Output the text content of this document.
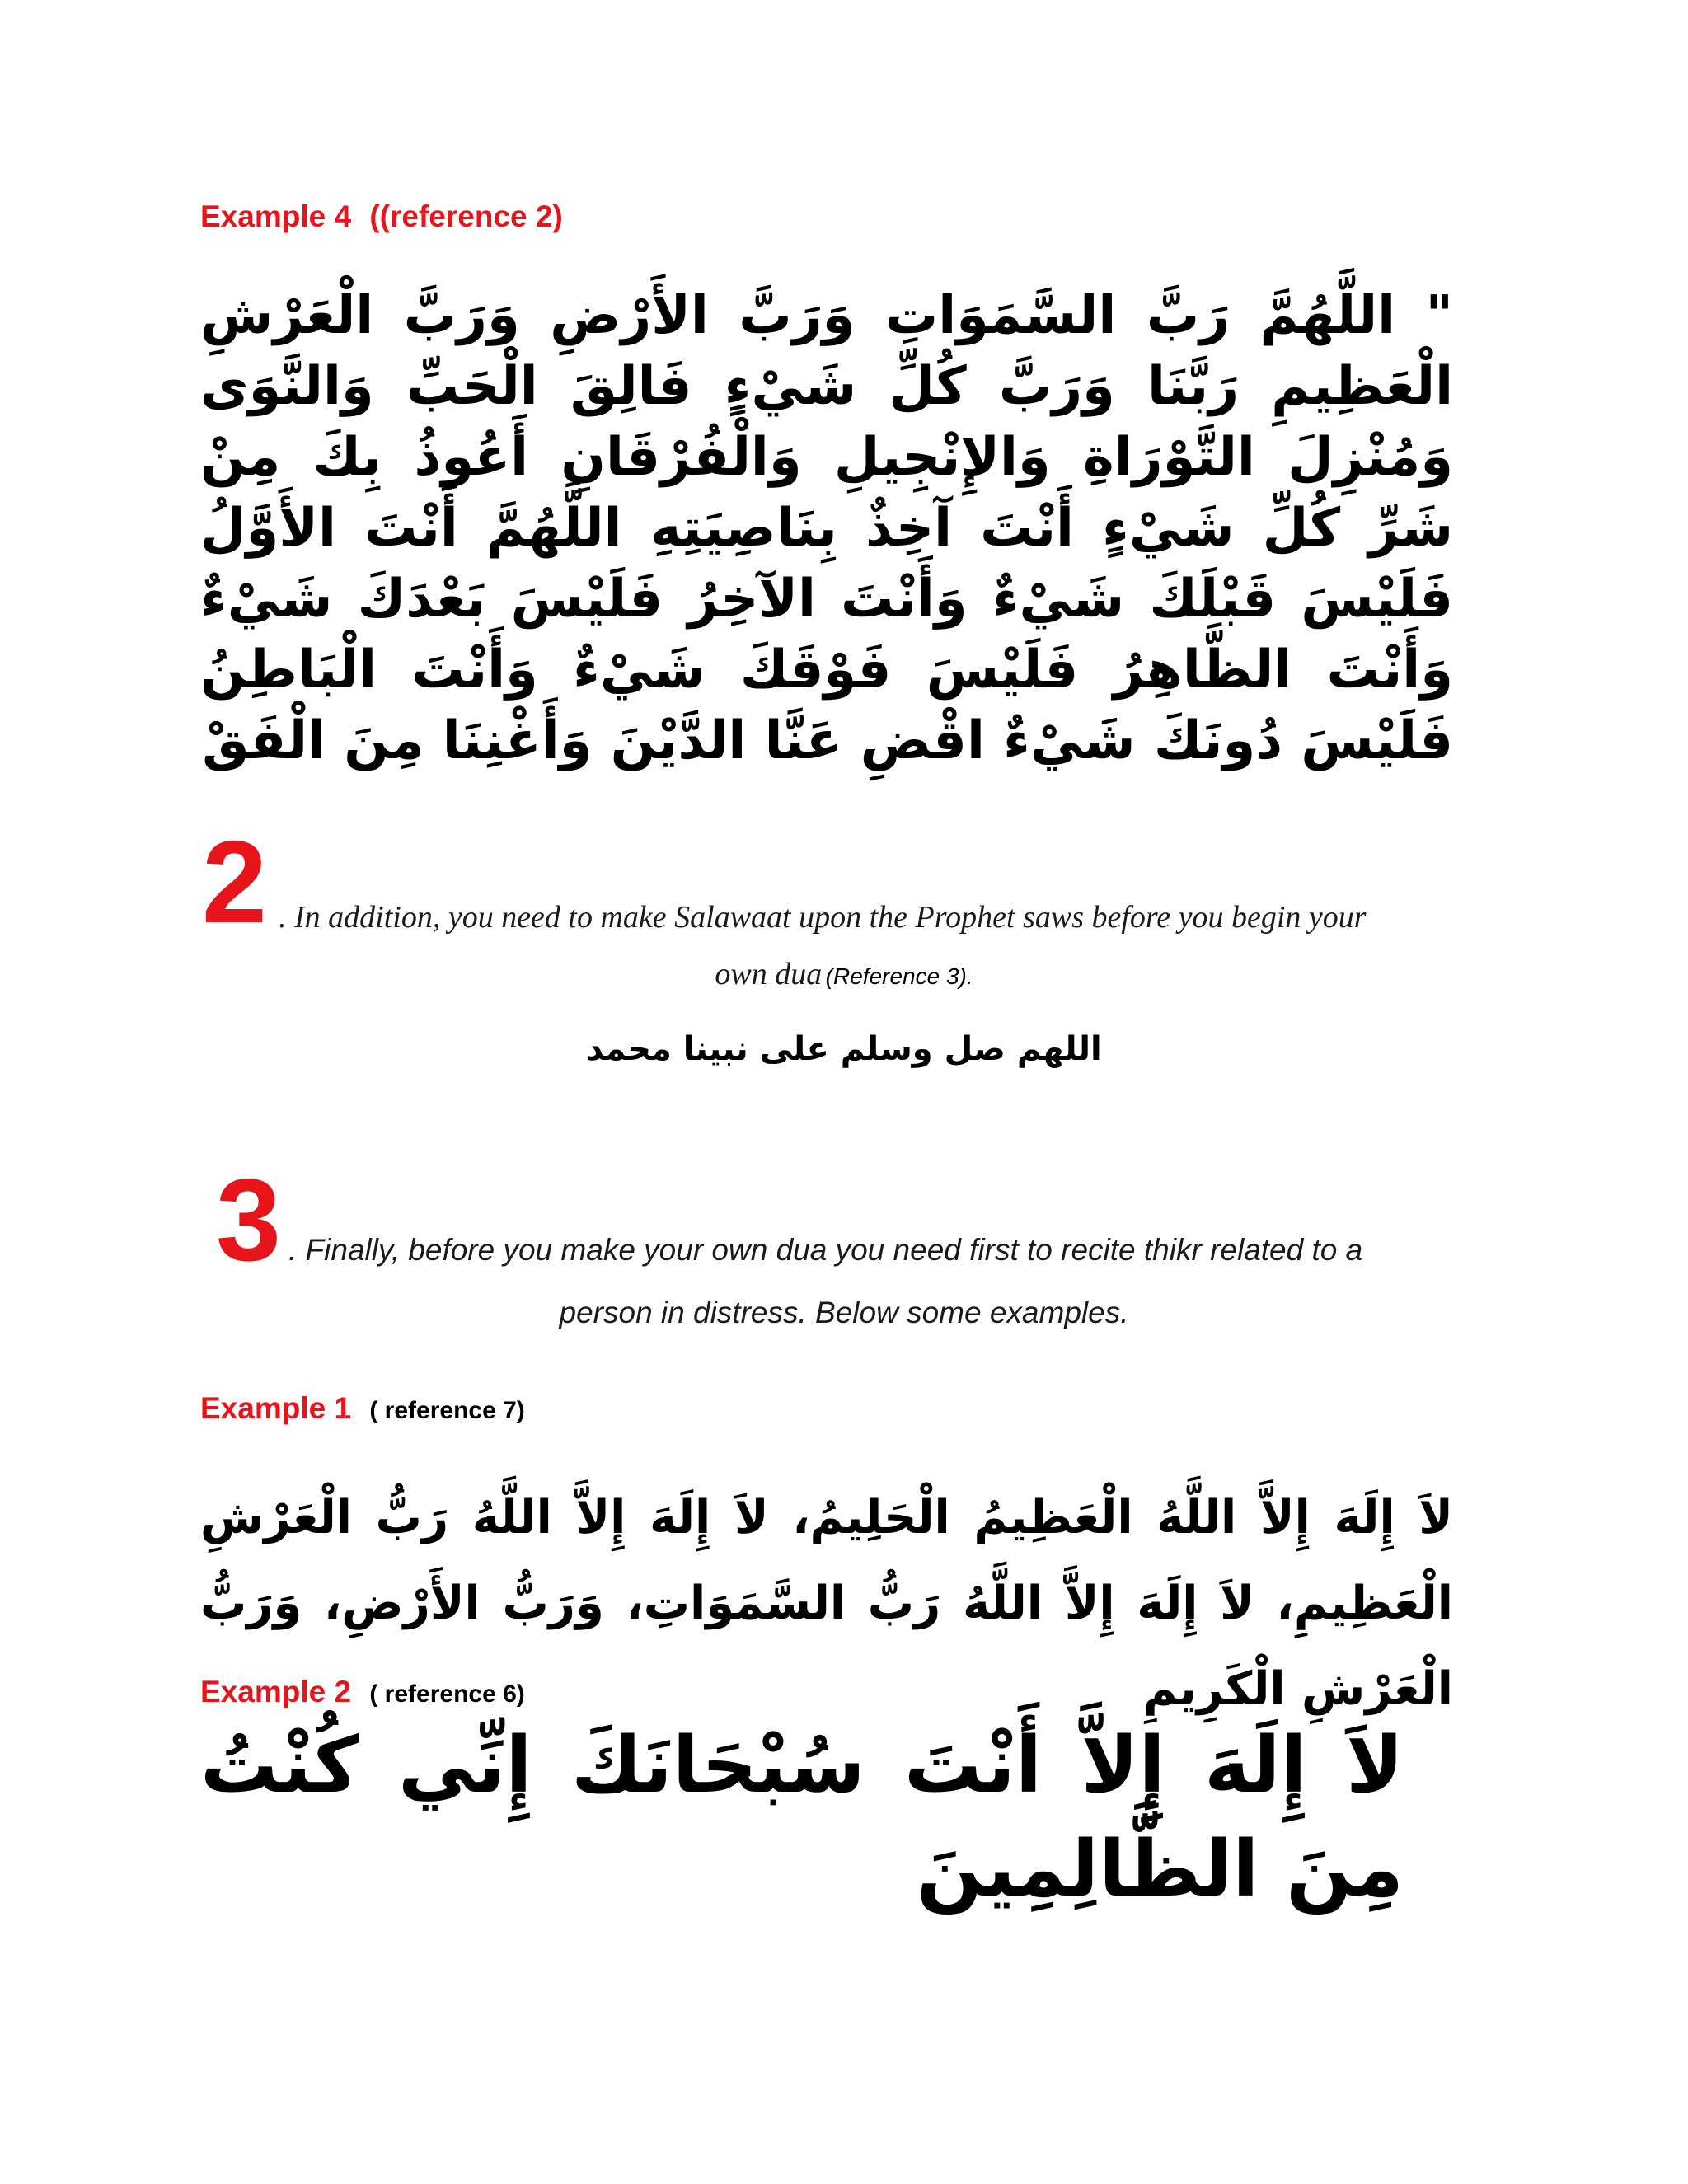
Example 4 ((reference 2)
" اللَّهُمَّ رَبَّ السَّمَوَاتِ وَرَبَّ الأَرْضِ وَرَبَّ الْعَرْشِ الْعَظِيمِ رَبَّنَا وَرَبَّ كُلِّ شَيْءٍ فَالِقَ الْحَبِّ وَالنَّوَى وَمُنْزِلَ التَّوْرَاةِ وَالإِنْجِيلِ وَالْفُرْقَانِ أَعُوذُ بِكَ مِنْ شَرِّ كُلِّ شَيْءٍ أَنْتَ آخِذٌ بِنَاصِيَتِهِ اللَّهُمَّ أَنْتَ الأَوَّلُ فَلَيْسَ قَبْلَكَ شَيْءٌ وَأَنْتَ الآخِرُ فَلَيْسَ بَعْدَكَ شَيْءٌ وَأَنْتَ الظَّاهِرُ فَلَيْسَ فَوْقَكَ شَيْءٌ وَأَنْتَ الْبَاطِنُ فَلَيْسَ دُونَكَ شَيْءٌ اقْضِ عَنَّا الدَّيْنَ وَأَغْنِنَا مِنَ الْفَقْ
2 . In addition, you need to make Salawaat upon the Prophet saws before you begin your
own dua (Reference 3).
اللهم صل وسلم على نبينا محمد
3 . Finally, before you make your own dua you need first to recite thikr related to a
person in distress. Below some examples.
Example 1 ( reference 7)
لاَ إِلَهَ إِلاَّ اللَّهُ الْعَظِيمُ الْحَلِيمُ، لاَ إِلَهَ إِلاَّ اللَّهُ رَبُّ الْعَرْشِ الْعَظِيمِ، لاَ إِلَهَ إِلاَّ اللَّهُ رَبُّ السَّمَوَاتِ، وَرَبُّ الأَرْضِ، وَرَبُّ الْعَرْشِ الْكَرِيمِ
Example 2 ( reference 6)
لاَ إِلَهَ إِلاَّ أَنْتَ سُبْحَانَكَ إِنِّي كُنْتُ مِنَ الظَّالِمِينَ
